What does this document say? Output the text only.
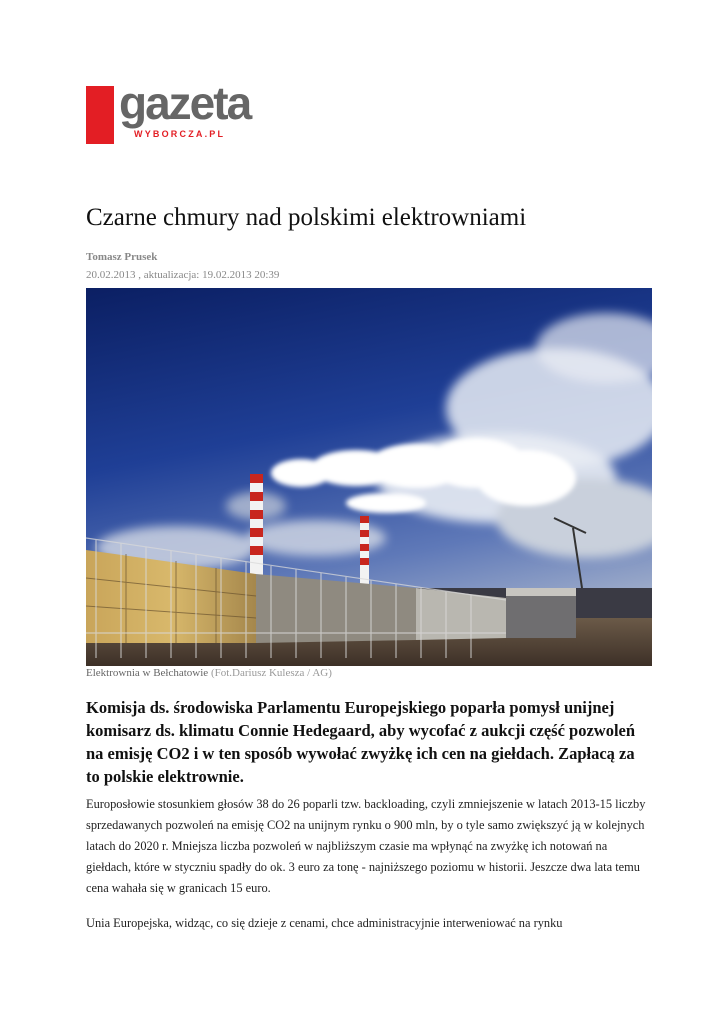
gazeta
WYBORCZA.PL
Czarne chmury nad polskimi elektrowniami
Tomasz Prusek
20.02.2013 , aktualizacja: 19.02.2013 20:39
Elektrownia w Bełchatowie (Fot.Dariusz Kulesza / AG)

Komisja ds. środowiska Parlamentu Europejskiego poparła pomysł unijnej komisarz ds. klimatu Connie Hedegaard, aby wycofać z aukcji część pozwoleń na emisję CO2 i w ten sposób wywołać zwyżkę ich cen na giełdach. Zapłacą za to polskie elektrownie.

Europosłowie stosunkiem głosów 38 do 26 poparli tzw. backloading, czyli zmniejszenie w latach 2013-15 liczby sprzedawanych pozwoleń na emisję CO2 na unijnym rynku o 900 mln, by o tyle samo zwiększyć ją w kolejnych latach do 2020 r. Mniejsza liczba pozwoleń w najbliższym czasie ma wpłynąć na zwyżkę ich notowań na giełdach, które w styczniu spadły do ok. 3 euro za tonę - najniższego poziomu w historii. Jeszcze dwa lata temu cena wahała się w granicach 15 euro.

Unia Europejska, widząc, co się dzieje z cenami, chce administracyjnie interweniować na rynku
